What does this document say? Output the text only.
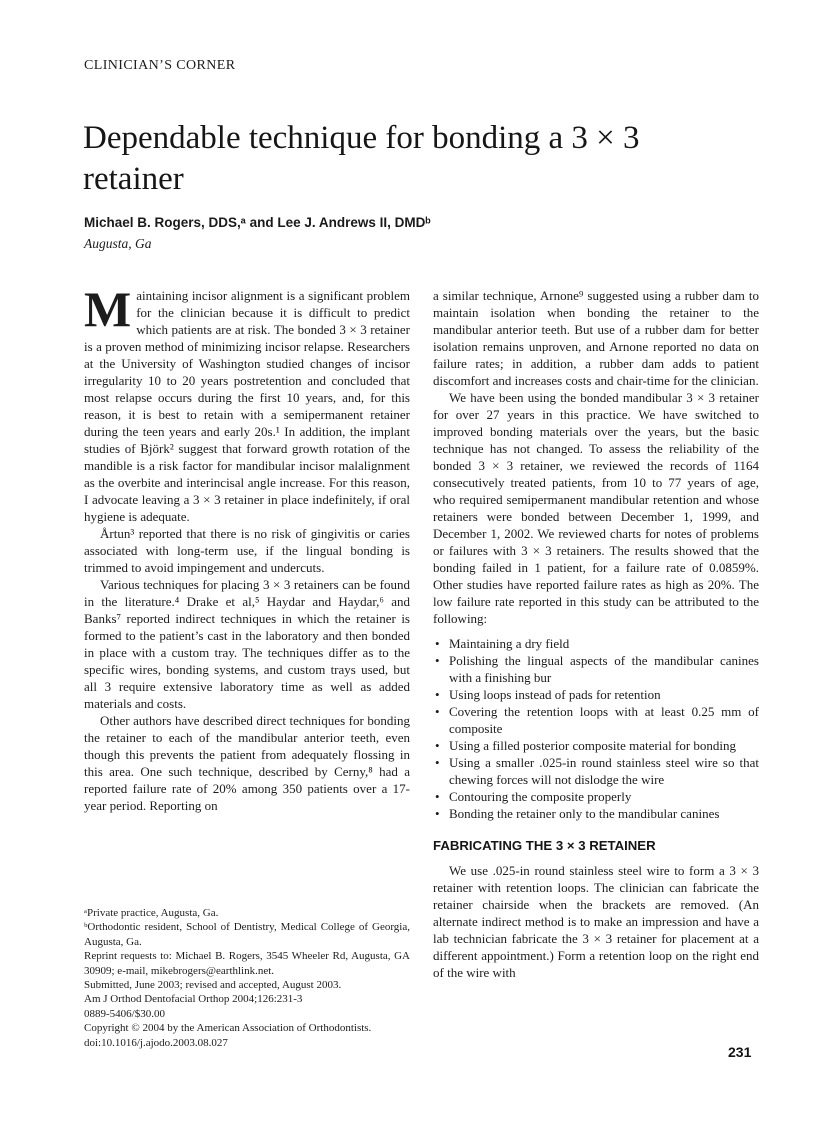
CLINICIAN’S CORNER
Dependable technique for bonding a 3 × 3 retainer
Michael B. Rogers, DDS,ᵃ and Lee J. Andrews II, DMDᵇ
Augusta, Ga

Maintaining incisor alignment is a significant problem for the clinician because it is difficult to predict which patients are at risk. The bonded 3 × 3 retainer is a proven method of minimizing incisor relapse. Researchers at the University of Washington studied changes of incisor irregularity 10 to 20 years postretention and concluded that most relapse occurs during the first 10 years, and, for this reason, it is best to retain with a semipermanent retainer during the teen years and early 20s.¹ In addition, the implant studies of Björk² suggest that forward growth rotation of the mandible is a risk factor for mandibular incisor malalignment as the overbite and interincisal angle increase. For this reason, I advocate leaving a 3 × 3 retainer in place indefinitely, if oral hygiene is adequate.

Årtun³ reported that there is no risk of gingivitis or caries associated with long-term use, if the lingual bonding is trimmed to avoid impingement and undercuts.

Various techniques for placing 3 × 3 retainers can be found in the literature.⁴ Drake et al,⁵ Haydar and Haydar,⁶ and Banks⁷ reported indirect techniques in which the retainer is formed to the patient’s cast in the laboratory and then bonded in place with a custom tray. The techniques differ as to the specific wires, bonding systems, and custom trays used, but all 3 require extensive laboratory time as well as added materials and costs.

Other authors have described direct techniques for bonding the retainer to each of the mandibular anterior teeth, even though this prevents the patient from adequately flossing in this area. One such technique, described by Cerny,⁸ had a reported failure rate of 20% among 350 patients over a 17-year period. Reporting on

a similar technique, Arnone⁹ suggested using a rubber dam to maintain isolation when bonding the retainer to the mandibular anterior teeth. But use of a rubber dam for better isolation remains unproven, and Arnone reported no data on failure rates; in addition, a rubber dam adds to patient discomfort and increases costs and chair-time for the clinician.

We have been using the bonded mandibular 3 × 3 retainer for over 27 years in this practice. We have switched to improved bonding materials over the years, but the basic technique has not changed. To assess the reliability of the bonded 3 × 3 retainer, we reviewed the records of 1164 consecutively treated patients, from 10 to 77 years of age, who required semipermanent mandibular retention and whose retainers were bonded between December 1, 1999, and December 1, 2002. We reviewed charts for notes of problems or failures with 3 × 3 retainers. The results showed that the bonding failed in 1 patient, for a failure rate of 0.0859%. Other studies have reported failure rates as high as 20%. The low failure rate reported in this study can be attributed to the following:

• Maintaining a dry field
• Polishing the lingual aspects of the mandibular canines with a finishing bur
• Using loops instead of pads for retention
• Covering the retention loops with at least 0.25 mm of composite
• Using a filled posterior composite material for bonding
• Using a smaller .025-in round stainless steel wire so that chewing forces will not dislodge the wire
• Contouring the composite properly
• Bonding the retainer only to the mandibular canines
FABRICATING THE 3 × 3 RETAINER

We use .025-in round stainless steel wire to form a 3 × 3 retainer with retention loops. The clinician can fabricate the retainer chairside when the brackets are removed. (An alternate indirect method is to make an impression and have a lab technician fabricate the 3 × 3 retainer for placement at a different appointment.) Form a retention loop on the right end of the wire with

ᵃPrivate practice, Augusta, Ga.

ᵇOrthodontic resident, School of Dentistry, Medical College of Georgia, Augusta, Ga.

Reprint requests to: Michael B. Rogers, 3545 Wheeler Rd, Augusta, GA 30909; e-mail, mikebrogers@earthlink.net.

Submitted, June 2003; revised and accepted, August 2003.

Am J Orthod Dentofacial Orthop 2004;126:231-3

0889-5406/$30.00

Copyright © 2004 by the American Association of Orthodontists.

doi:10.1016/j.ajodo.2003.08.027

231
